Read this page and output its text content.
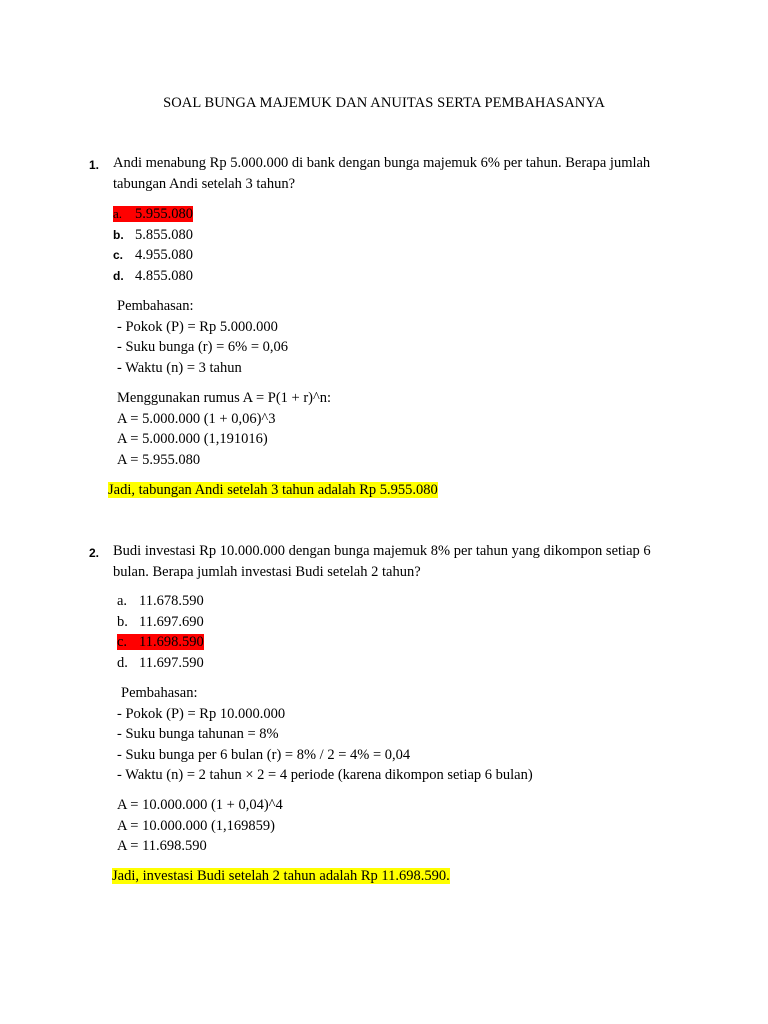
SOAL BUNGA MAJEMUK DAN ANUITAS SERTA PEMBAHASANYA
1. Andi menabung Rp 5.000.000 di bank dengan bunga majemuk 6% per tahun. Berapa jumlah tabungan Andi setelah 3 tahun?
a. 5.955.080
b. 5.855.080
c. 4.955.080
d. 4.855.080
Pembahasan:
- Pokok (P) = Rp 5.000.000
- Suku bunga (r) = 6% = 0,06
- Waktu (n) = 3 tahun
Menggunakan rumus A = P(1 + r)^n:
A = 5.000.000 (1 + 0,06)^3
A = 5.000.000 (1,191016)
A = 5.955.080
Jadi, tabungan Andi setelah 3 tahun adalah Rp 5.955.080
2. Budi investasi Rp 10.000.000 dengan bunga majemuk 8% per tahun yang dikompon setiap 6 bulan. Berapa jumlah investasi Budi setelah 2 tahun?
a. 11.678.590
b. 11.697.690
c. 11.698.590
d. 11.697.590
Pembahasan:
- Pokok (P) = Rp 10.000.000
- Suku bunga tahunan = 8%
- Suku bunga per 6 bulan (r) = 8% / 2 = 4% = 0,04
- Waktu (n) = 2 tahun × 2 = 4 periode (karena dikompon setiap 6 bulan)
A = 10.000.000 (1 + 0,04)^4
A = 10.000.000 (1,169859)
A = 11.698.590
Jadi, investasi Budi setelah 2 tahun adalah Rp 11.698.590.
